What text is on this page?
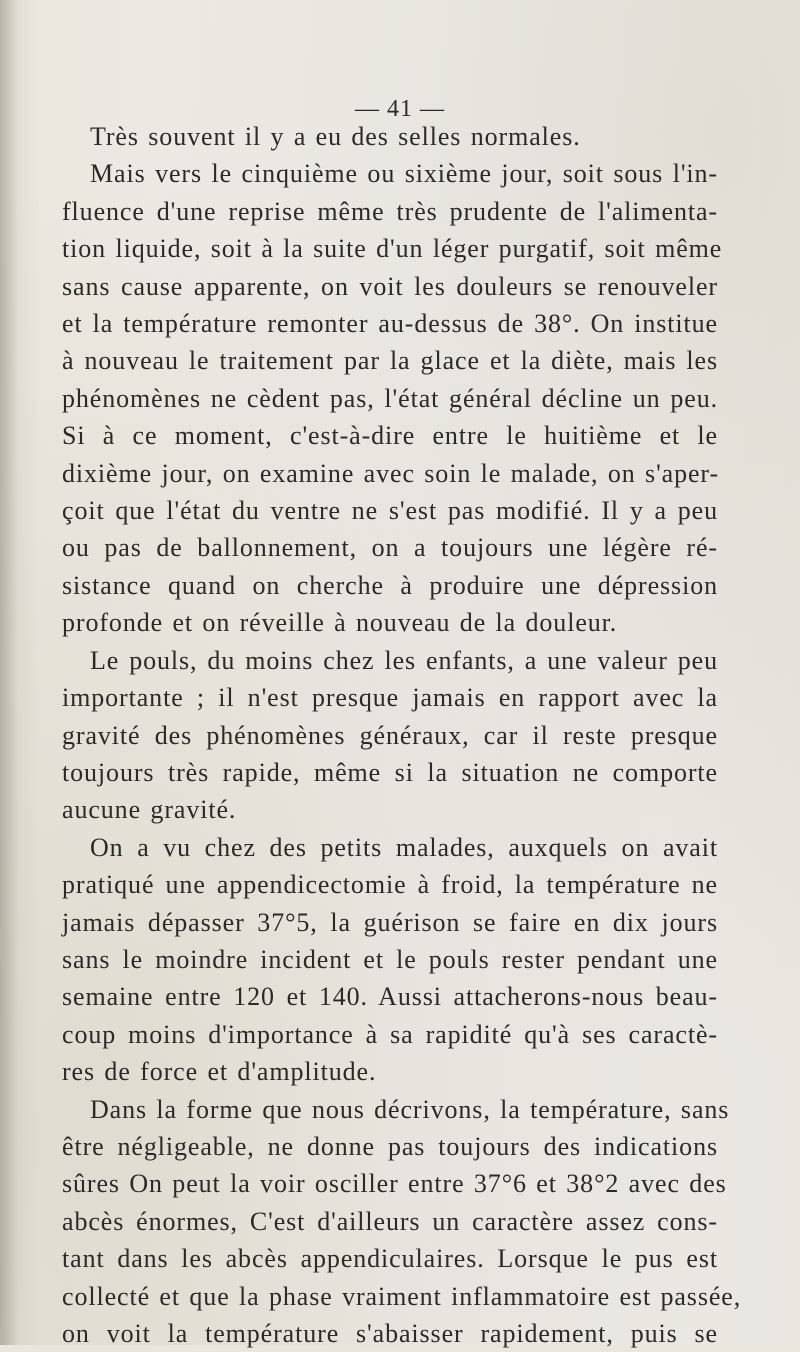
— 41 —
Très souvent il y a eu des selles normales.
Mais vers le cinquième ou sixième jour, soit sous l'in-
fluence d'une reprise même très prudente de l'alimenta-
tion liquide, soit à la suite d'un léger purgatif, soit même
sans cause apparente, on voit les douleurs se renouveler
et la température remonter au-dessus de 38°. On institue
à nouveau le traitement par la glace et la diète, mais les
phénomènes ne cèdent pas, l'état général décline un peu.
Si à ce moment, c'est-à-dire entre le huitième et le
dixième jour, on examine avec soin le malade, on s'aper-
çoit que l'état du ventre ne s'est pas modifié. Il y a peu
ou pas de ballonnement, on a toujours une légère ré-
sistance quand on cherche à produire une dépression
profonde et on réveille à nouveau de la douleur.
Le pouls, du moins chez les enfants, a une valeur peu
importante ; il n'est presque jamais en rapport avec la
gravité des phénomènes généraux, car il reste presque
toujours très rapide, même si la situation ne comporte
aucune gravité.
On a vu chez des petits malades, auxquels on avait
pratiqué une appendicectomie à froid, la température ne
jamais dépasser 37°5, la guérison se faire en dix jours
sans le moindre incident et le pouls rester pendant une
semaine entre 120 et 140. Aussi attacherons-nous beau-
coup moins d'importance à sa rapidité qu'à ses caractè-
res de force et d'amplitude.
Dans la forme que nous décrivons, la température, sans
être négligeable, ne donne pas toujours des indications
sûres On peut la voir osciller entre 37°6 et 38°2 avec des
abcès énormes, C'est d'ailleurs un caractère assez cons-
tant dans les abcès appendiculaires. Lorsque le pus est
collecté et que la phase vraiment inflammatoire est passée,
on voit la température s'abaisser rapidement, puis se
